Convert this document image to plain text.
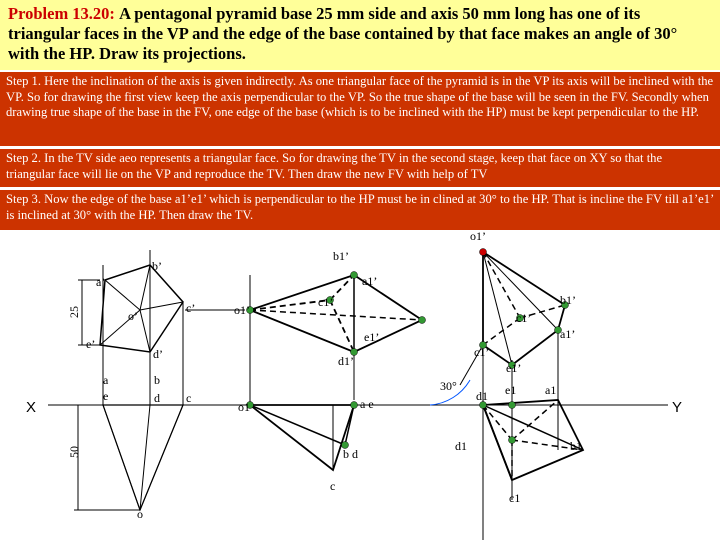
Problem 13.20: A pentagonal pyramid base 25 mm side and axis 50 mm long has one of its triangular faces in the VP and the edge of the base contained by that face makes an angle of 30° with the HP. Draw its projections.
Step 1. Here the inclination of the axis is given indirectly. As one triangular face of the pyramid is in the VP its axis will be inclined with the VP. So for drawing the first view keep the axis perpendicular to the VP. So the true shape of the base will be seen in the FV. Secondly when drawing true shape of the base in the FV, one edge of the base (which is to be inclined with the HP) must be kept perpendicular to the HP.
Step 2. In the TV side aeo represents a triangular face. So for drawing the TV in the second stage, keep that face on XY so that the triangular face will lie on the VP and reproduce the TV. Then draw the new FV with help of TV
Step 3. Now the edge of the base a1’e1’ which is perpendicular to the HP must be in clined at 30° to the HP. That is incline the FV till a1’e1’ is inclined at 30° with the HP. Then draw the TV.
X	Y
25
50
30°
a’
b’
c’
d’
e’
o’
a
e
b
d c
o
o1’
b1’
a1’
c1’
e1’
d1’
o1	a e
b d
c
o1’
b1’
a1’
c1’
c1’
e1’
d1 e1 a1
d1	b1
c1
